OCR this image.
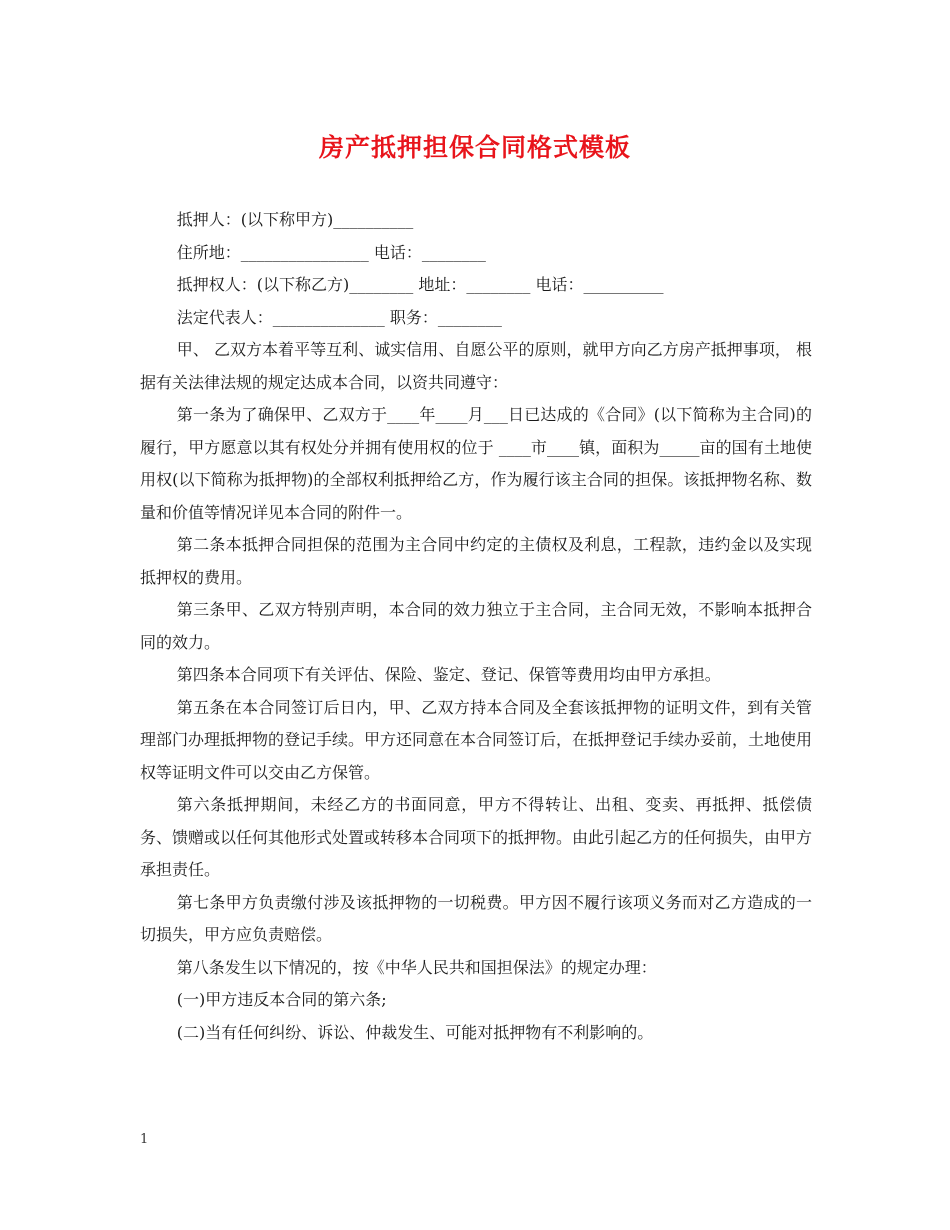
房产抵押担保合同格式模板

抵押人：(以下称甲方)__________

住所地：________________ 电话：________

抵押权人：(以下称乙方)________ 地址：________ 电话：__________

法定代表人：______________ 职务：________

甲、 乙双方本着平等互利、诚实信用、自愿公平的原则，就甲方向乙方房产抵押事项， 根据有关法律法规的规定达成本合同，以资共同遵守：

第一条为了确保甲、乙双方于____年____月___日已达成的《合同》(以下简称为主合同)的履行，甲方愿意以其有权处分并拥有使用权的位于 ____市____镇，面积为_____亩的国有土地使用权(以下简称为抵押物)的全部权利抵押给乙方，作为履行该主合同的担保。该抵押物名称、数量和价值等情况详见本合同的附件一。

第二条本抵押合同担保的范围为主合同中约定的主债权及利息，工程款，违约金以及实现抵押权的费用。

第三条甲、乙双方特别声明，本合同的效力独立于主合同，主合同无效，不影响本抵押合同的效力。

第四条本合同项下有关评估、保险、鉴定、登记、保管等费用均由甲方承担。

第五条在本合同签订后日内，甲、乙双方持本合同及全套该抵押物的证明文件，到有关管理部门办理抵押物的登记手续。甲方还同意在本合同签订后，在抵押登记手续办妥前，土地使用权等证明文件可以交由乙方保管。

第六条抵押期间，未经乙方的书面同意，甲方不得转让、出租、变卖、再抵押、抵偿债务、馈赠或以任何其他形式处置或转移本合同项下的抵押物。由此引起乙方的任何损失，由甲方承担责任。

第七条甲方负责缴付涉及该抵押物的一切税费。甲方因不履行该项义务而对乙方造成的一切损失，甲方应负责赔偿。

第八条发生以下情况的，按《中华人民共和国担保法》的规定办理：

(一)甲方违反本合同的第六条;

(二)当有任何纠纷、诉讼、仲裁发生、可能对抵押物有不利影响的。

1
